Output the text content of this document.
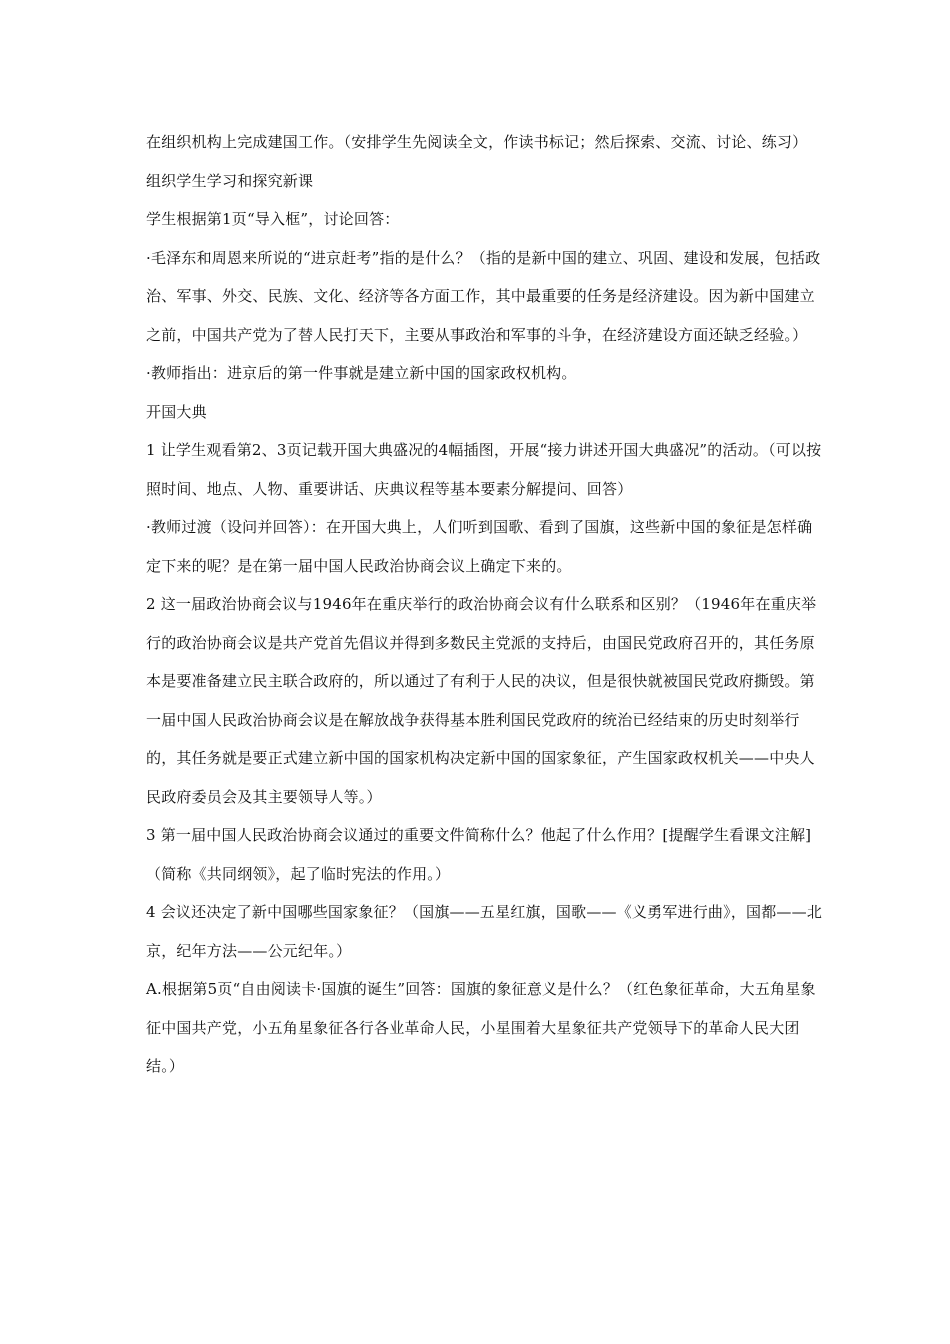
在组织机构上完成建国工作。（安排学生先阅读全文，作读书标记；然后探索、交流、讨论、练习）

组织学生学习和探究新课

学生根据第1页“导入框”，讨论回答：

·毛泽东和周恩来所说的“进京赶考”指的是什么？（指的是新中国的建立、巩固、建设和发展，包括政治、军事、外交、民族、文化、经济等各方面工作，其中最重要的任务是经济建设。因为新中国建立之前，中国共产党为了替人民打天下，主要从事政治和军事的斗争，在经济建设方面还缺乏经验。）

·教师指出：进京后的第一件事就是建立新中国的国家政权机构。

开国大典

1 让学生观看第2、3页记载开国大典盛况的4幅插图，开展“接力讲述开国大典盛况”的活动。（可以按照时间、地点、人物、重要讲话、庆典议程等基本要素分解提问、回答）

·教师过渡（设问并回答）：在开国大典上，人们听到国歌、看到了国旗，这些新中国的象征是怎样确定下来的呢？是在第一届中国人民政治协商会议上确定下来的。

2 这一届政治协商会议与1946年在重庆举行的政治协商会议有什么联系和区别？（1946年在重庆举行的政治协商会议是共产党首先倡议并得到多数民主党派的支持后，由国民党政府召开的，其任务原本是要准备建立民主联合政府的，所以通过了有利于人民的决议，但是很快就被国民党政府撕毁。第一届中国人民政治协商会议是在解放战争获得基本胜利国民党政府的统治已经结束的历史时刻举行的，其任务就是要正式建立新中国的国家机构决定新中国的国家象征，产生国家政权机关——中央人民政府委员会及其主要领导人等。）

3 第一届中国人民政治协商会议通过的重要文件简称什么？他起了什么作用？[提醒学生看课文注解]（简称《共同纲领》，起了临时宪法的作用。）

4 会议还决定了新中国哪些国家象征？（国旗——五星红旗，国歌——《义勇军进行曲》，国都——北京，纪年方法——公元纪年。）

A.根据第5页“自由阅读卡·国旗的诞生”回答：国旗的象征意义是什么？（红色象征革命，大五角星象征中国共产党，小五角星象征各行各业革命人民，小星围着大星象征共产党领导下的革命人民大团结。）
